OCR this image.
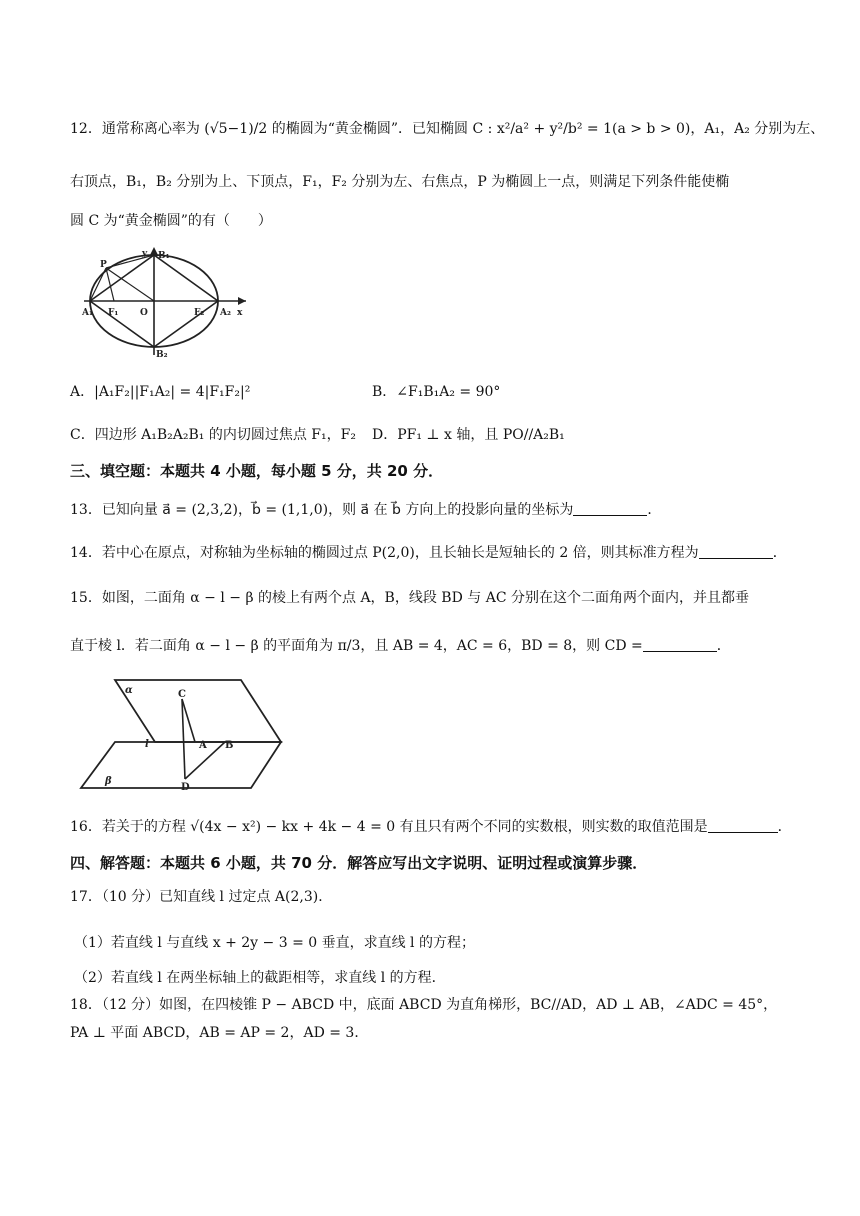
12．通常称离心率为 (√5−1)/2 的椭圆为“黄金椭圆”．已知椭圆 C : x²/a² + y²/b² = 1(a > b > 0)，A₁，A₂ 分别为左、
右顶点，B₁，B₂ 分别为上、下顶点，F₁，F₂ 分别为左、右焦点，P 为椭圆上一点，则满足下列条件能使椭
圆 C 为“黄金椭圆”的有（　　）
P
y B₁
B₂
A₁	A₂
F₁	F₂
O	x
A．|A₁F₂||F₁A₂| = 4|F₁F₂|²	B．∠F₁B₁A₂ = 90°
C．四边形 A₁B₂A₂B₁ 的内切圆过焦点 F₁，F₂ D．PF₁ ⊥ x 轴，且 PO//A₂B₁
三、填空题：本题共 4 小题，每小题 5 分，共 20 分．
13．已知向量 a⃗ = (2,3,2)，b⃗ = (1,1,0)，则 a⃗ 在 b⃗ 方向上的投影向量的坐标为	．
14．若中心在原点，对称轴为坐标轴的椭圆过点 P(2,0)，且长轴长是短轴长的 2 倍，则其标准方程为	．
15．如图，二面角 α − l − β 的棱上有两个点 A，B，线段 BD 与 AC 分别在这个二面角两个面内，并且都垂
直于棱 l．若二面角 α − l − β 的平面角为 π/3，且 AB = 4，AC = 6，BD = 8，则 CD =	．
α	C
l	A B
β
D
16．若关于的方程 √(4x − x²) − kx + 4k − 4 = 0 有且只有两个不同的实数根，则实数的取值范围是	．
四、解答题：本题共 6 小题，共 70 分．解答应写出文字说明、证明过程或演算步骤．
17．（10 分）已知直线 l 过定点 A(2,3)．
（1）若直线 l 与直线 x + 2y − 3 = 0 垂直，求直线 l 的方程；
（2）若直线 l 在两坐标轴上的截距相等，求直线 l 的方程．
18．（12 分）如图，在四棱锥 P − ABCD 中，底面 ABCD 为直角梯形，BC//AD，AD ⊥ AB，∠ADC = 45°，
PA ⊥ 平面 ABCD，AB = AP = 2，AD = 3．
